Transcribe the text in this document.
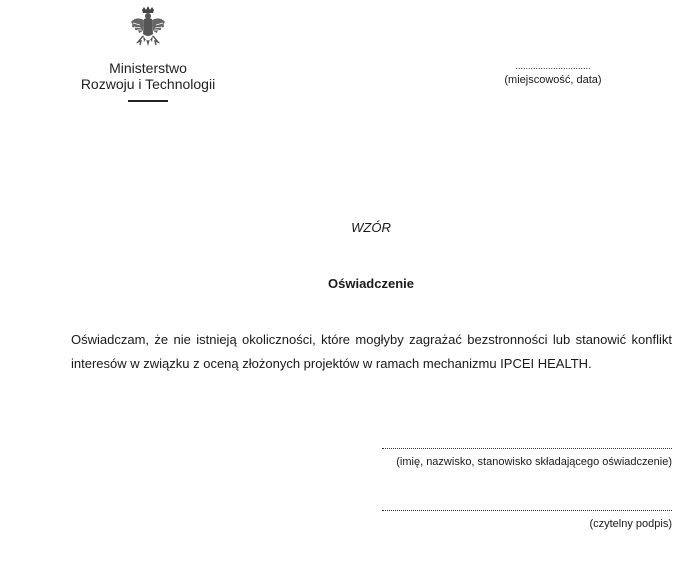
Ministerstwo
Rozwoju i Technologii
..............................
(miejscowość, data)
WZÓR
Oświadczenie
Oświadczam, że nie istnieją okoliczności, które mogłyby zagrażać bezstronności lub stanowić konflikt interesów w związku z oceną złożonych projektów w ramach mechanizmu IPCEI HEALTH.
(imię, nazwisko, stanowisko składającego oświadczenie)
(czytelny podpis)
